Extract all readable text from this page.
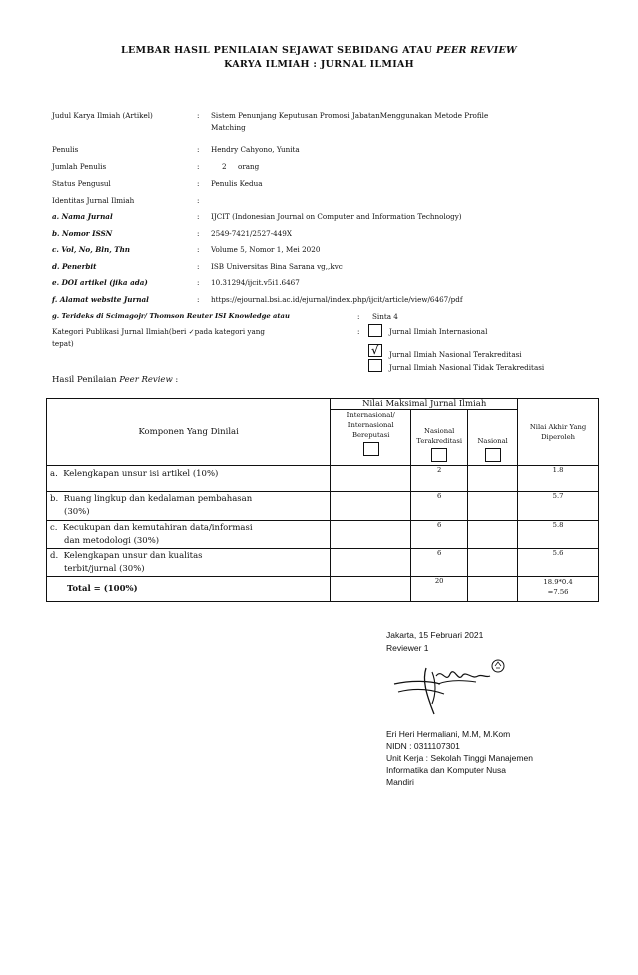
LEMBAR HASIL PENILAIAN SEJAWAT SEBIDANG ATAU PEER REVIEW
KARYA ILMIAH : JURNAL ILMIAH
Judul Karya Ilmiah (Artikel)	: Sistem Penunjang Keputusan Promosi JabatanMenggunakan Metode Profile
Matching
Penulis	: Hendry Cahyono, Yunita
Jumlah Penulis	:	2 orang
Status Pengusul	: Penulis Kedua
Identitas Jurnal Ilmiah	:
a. Nama Jurnal	: IJCIT (Indonesian Journal on Computer and Information Technology)
b. Nomor ISSN	: 2549-7421/2527-449X
c. Vol, No, Bln, Thn	: Volume 5, Nomor 1, Mei 2020
d. Penerbit	: ISB Universitas Bina Sarana vg,,kvc
e. DOI artikel (jika ada)	: 10.31294/ijcit.v5i1.6467
f. Alamat website Jurnal	: https://ejournal.bsi.ac.id/ejurnal/index.php/ijcit/article/view/6467/pdf
g. Terideks di Scimagojr/ Thomson Reuter ISI Knowledge atau	: Sinta 4
Kategori Publikasi Jurnal Ilmiah(beri ✓pada kategori yang
tepat)
:	Jurnal Ilmiah Internasional
√ Jurnal Ilmiah Nasional Terakreditasi
Jurnal Ilmiah Nasional Tidak Terakreditasi
Hasil Penilaian Peer Review :
Komponen Yang Dinilai	Nilai Maksimal Jurnal Ilmiah			Nilai Akhir Yang Diperoleh

	Internasional/ Internasional Bereputasi	Nasional Terakreditasi	Nasional	

a. Kelengkapan unsur isi artikel (10%)		2		1.8
b. Ruang lingkup dan kedalaman pembahasan
(30%)		6		5.7
c. Kecukupan dan kemutahiran data/informasi
dan metodologi (30%)		6		5.8
d. Kelengkapan unsur dan kualitas
terbit/jurnal (30%)		6		5.6
Total = (100%)		20		18.9*0.4
=7.56
Jakarta, 15 Februari 2021
Reviewer 1
Eri Heri Hermaliani, M.M, M.Kom
NIDN : 0311107301
Unit Kerja : Sekolah Tinggi Manajemen
Informatika dan Komputer Nusa
Mandiri
